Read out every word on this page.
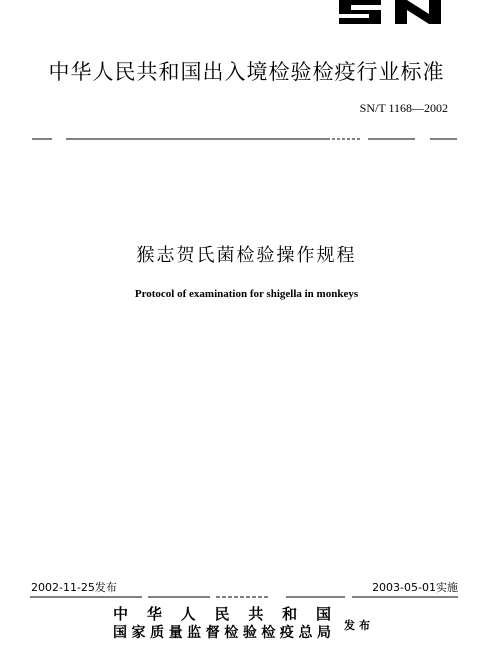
中华人民共和国出入境检验检疫行业标准
SN/T 1168—2002
猴志贺氏菌检验操作规程
Protocol of examination for shigella in monkeys
2002-11-25发布	2003-05-01实施
中华人民共和国
国家质量监督检验检疫总局 发布
